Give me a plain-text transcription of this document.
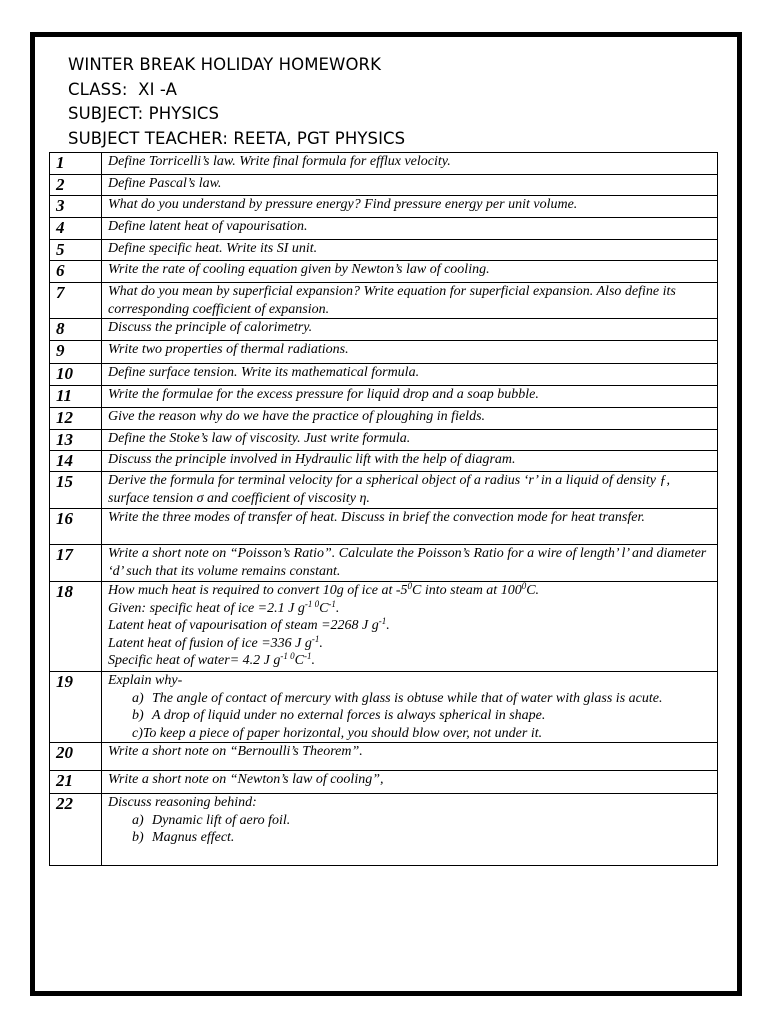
WINTER BREAK HOLIDAY HOMEWORK
CLASS:  XI -A
SUBJECT: PHYSICS
SUBJECT TEACHER: REETA, PGT PHYSICS
1	Define Torricelli’s law. Write final formula for efflux velocity.
2	Define Pascal’s law.
3	What do you understand by pressure energy? Find pressure energy per unit volume.
4	Define latent heat of vapourisation.
5	Define specific heat. Write its SI unit.
6	Write the rate of cooling equation given by Newton’s law of cooling.
7	What do you mean by superficial expansion? Write equation for superficial expansion. Also define its corresponding coefficient of expansion.
8	Discuss the principle of calorimetry.
9	Write two properties of thermal radiations.
10	Define surface tension. Write its mathematical formula.
11	Write the formulae for the excess pressure for liquid drop and a soap bubble.
12	Give the reason why do we have the practice of ploughing in fields.
13	Define the Stoke’s law of viscosity. Just write formula.
14	Discuss the principle involved in Hydraulic lift with the help of diagram.
15	Derive the formula for terminal velocity for a spherical object of a radius ‘r’ in a liquid of density ƒ, surface tension σ and coefficient of viscosity η.
16	Write the three modes of transfer of heat. Discuss in brief the convection mode for heat transfer.
17	Write a short note on “Poisson’s Ratio”. Calculate the Poisson’s Ratio for a wire of length’ l’ and diameter ‘d’ such that its volume remains constant.
18	How much heat is required to convert 10g of ice at $-5^0C$ into steam at $100^0C$.
Given: specific heat of ice =2.1 J $g^{-1 0}C^{-1}$.
Latent heat of vapourisation of steam =2268 J $g^{-1}$.
Latent heat of fusion of ice =336 J $g^{-1}$.
Specific heat of water= 4.2 J $g^{-1 0}C^{-1}$.

19	Explain why-
a) The angle of contact of mercury with glass is obtuse while that of water with glass is acute.
b) A drop of liquid under no external forces is always spherical in shape.
c)To keep a piece of paper horizontal, you should blow over, not under it.

20	Write a short note on “Bernoulli’s Theorem”.
21	Write a short note on “Newton’s law of cooling”,
22	Discuss reasoning behind:
a) Dynamic lift of aero foil.
b) Magnus effect.
